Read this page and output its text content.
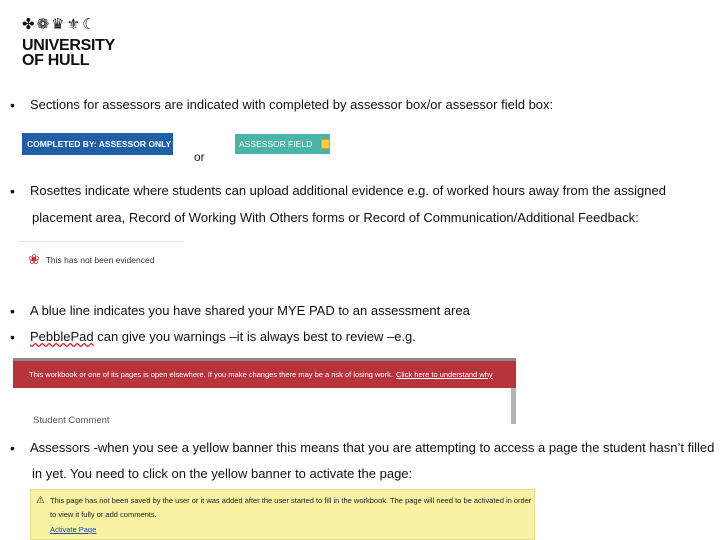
✤ ❁ ♛ ⚜ ☾
UNIVERSITY
OF HULL
•	Sections for assessors are indicated with completed by assessor box/or assessor field box:
COMPLETED BY: ASSESSOR ONLY
or
ASSESSOR FIELD
•	Rosettes indicate where students can upload additional evidence e.g. of worked hours away from the assigned
placement area, Record of Working With Others forms or Record of Communication/Additional Feedback:
❀ This has not been evidenced
•	A blue line indicates you have shared your MYE PAD to an assessment area
•	PebblePad can give you warnings –it is always best to review –e.g.
This workbook or one of its pages is open elsewhere. If you make changes there may be a risk of losing work. Click here to understand why
Student Comment
•	Assessors -when you see a yellow banner this means that you are attempting to access a page the student hasn’t filled
in yet. You need to click on the yellow banner to activate the page:
⚠ This page has not been saved by the user or it was added after the user started to fill in the workbook. The page will need to be activated in order
to view it fully or add comments.
Activate Page
